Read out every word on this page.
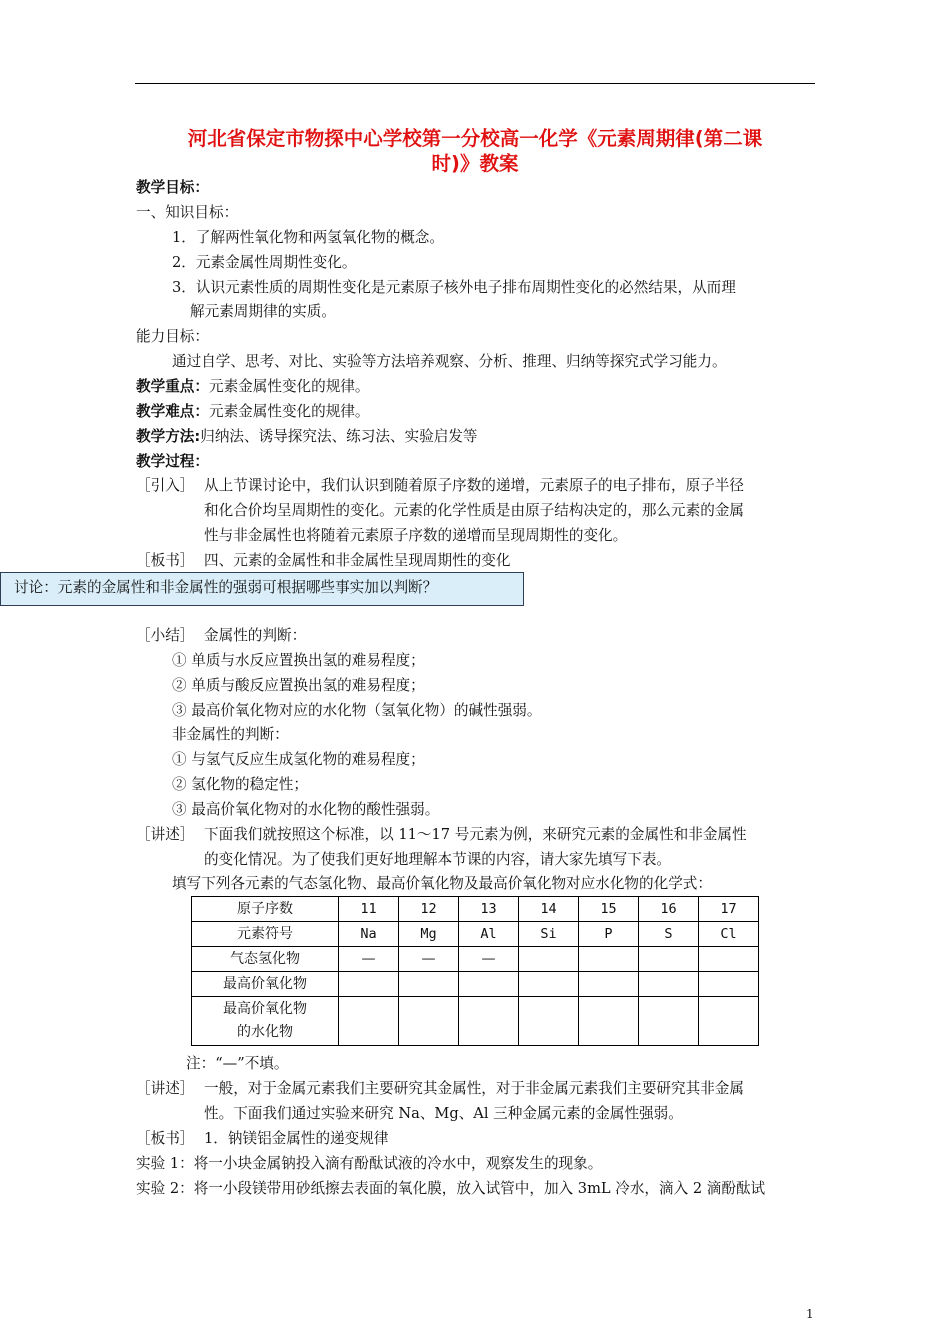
河北省保定市物探中心学校第一分校高一化学《元素周期律(第二课
时)》教案
教学目标：
一、知识目标：
1．了解两性氧化物和两氢氧化物的概念。
2．元素金属性周期性变化。
3．认识元素性质的周期性变化是元素原子核外电子排布周期性变化的必然结果，从而理
解元素周期律的实质。
能力目标：
通过自学、思考、对比、实验等方法培养观察、分析、推理、归纳等探究式学习能力。
教学重点：元素金属性变化的规律。
教学难点：元素金属性变化的规律。
教学方法:归纳法、诱导探究法、练习法、实验启发等
教学过程：
［引入］ 从上节课讨论中，我们认识到随着原子序数的递增，元素原子的电子排布，原子半径
和化合价均呈周期性的变化。元素的化学性质是由原子结构决定的，那么元素的金属
性与非金属性也将随着元素原子序数的递增而呈现周期性的变化。
［板书］ 四、元素的金属性和非金属性呈现周期性的变化
讨论：元素的金属性和非金属性的强弱可根据哪些事实加以判断？
［小结］ 金属性的判断：
① 单质与水反应置换出氢的难易程度；
② 单质与酸反应置换出氢的难易程度；
③ 最高价氧化物对应的水化物（氢氧化物）的碱性强弱。
非金属性的判断：
① 与氢气反应生成氢化物的难易程度；
② 氢化物的稳定性；
③ 最高价氧化物对的水化物的酸性强弱。
［讲述］ 下面我们就按照这个标准，以 11～17 号元素为例，来研究元素的金属性和非金属性
的变化情况。为了使我们更好地理解本节课的内容，请大家先填写下表。
填写下列各元素的气态氢化物、最高价氧化物及最高价氧化物对应水化物的化学式：
原子序数	11	12	13	14	15	16	17
元素符号	Na	Mg	Al	Si	P	S	Cl
气态氢化物	—	—	—				
最高价氧化物							

最高价氧化物
的水化物							

注：“—”不填。
［讲述］ 一般，对于金属元素我们主要研究其金属性，对于非金属元素我们主要研究其非金属
性。下面我们通过实验来研究 Na、Mg、Al 三种金属元素的金属性强弱。
［板书］ 1．钠镁铝金属性的递变规律
实验 1：将一小块金属钠投入滴有酚酞试液的冷水中，观察发生的现象。
实验 2：将一小段镁带用砂纸擦去表面的氧化膜，放入试管中，加入 3mL 冷水，滴入 2 滴酚酞试
1
